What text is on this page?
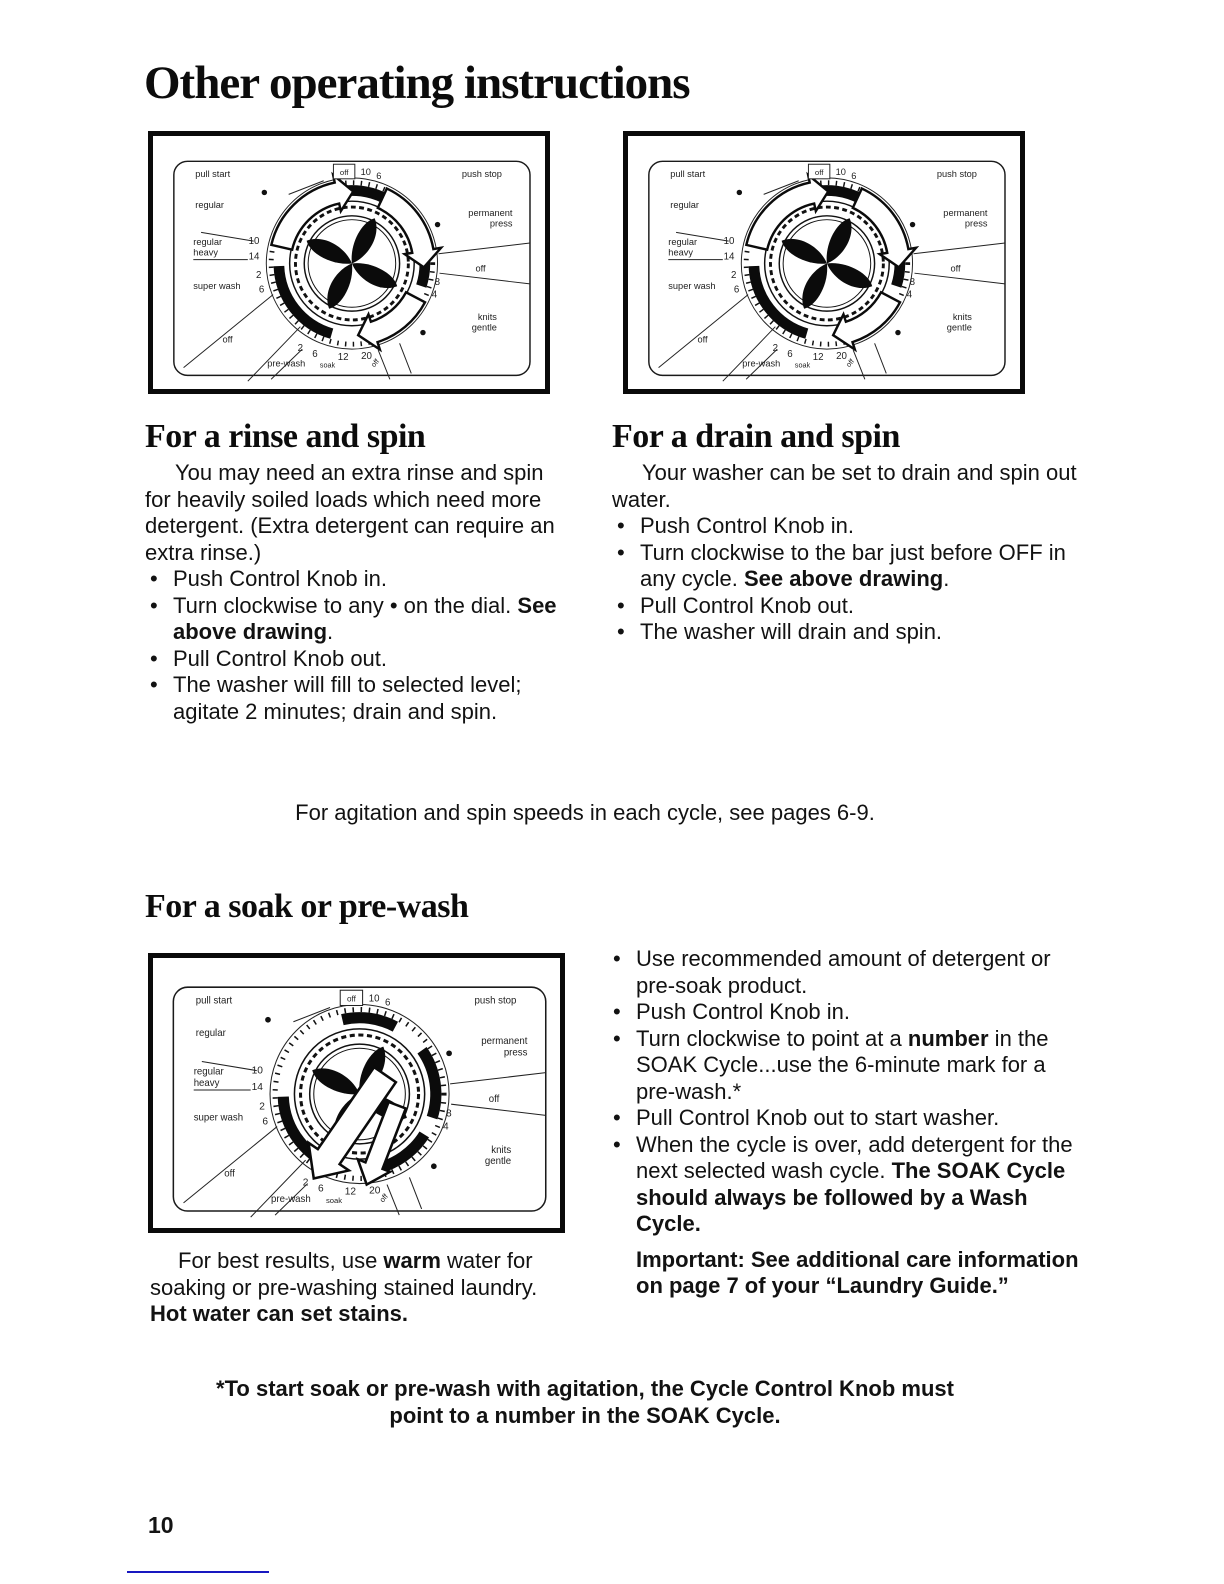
Other operating instructions
pull start	push stop
regular
permanent
press
regular
heavy
10
14
2
6
super wash
off
off
8
4
knits
gentle
2
6 12 20
pre-wash soak	off
off 10 6	pull start	push stop
regular
permanent
press
regular
heavy
10
14
2
6
super wash
off
off
8
4
knits
gentle
2
6 12 20
pre-wash soak	off
off 10 6
For a rinse and spin

You may need an extra rinse and spin for heavily soiled loads which need more detergent. (Extra detergent can require an extra rinse.)

• Push Control Knob in.
• Turn clockwise to any • on the dial. See above drawing.
• Pull Control Knob out.
• The washer will fill to selected level; agitate 2 minutes; drain and spin.
For a drain and spin

Your washer can be set to drain and spin out water.

• Push Control Knob in.
• Turn clockwise to the bar just before OFF in any cycle. See above drawing.
• Pull Control Knob out.
• The washer will drain and spin.
For agitation and spin speeds in each cycle, see pages 6-9.
For a soak or pre-wash
pull start	push stop
regular
permanent
press
regular
heavy
10
14
2
6
super wash
off
off
8
4
knits
gentle
2
6 12 20
pre-wash soak	off
off 10 6
For best results, use warm water for soaking or pre-washing stained laundry. Hot water can set stains.
• Use recommended amount of detergent or pre-soak product.
• Push Control Knob in.
• Turn clockwise to point at a number in the SOAK Cycle...use the 6-minute mark for a pre-wash.*
• Pull Control Knob out to start washer.
• When the cycle is over, add detergent for the next selected wash cycle. The SOAK Cycle should always be followed by a Wash Cycle.

Important: See additional care information on page 7 of your “Laundry Guide.”

*To start soak or pre-wash with agitation, the Cycle Control Knob must point to a number in the SOAK Cycle.
10
